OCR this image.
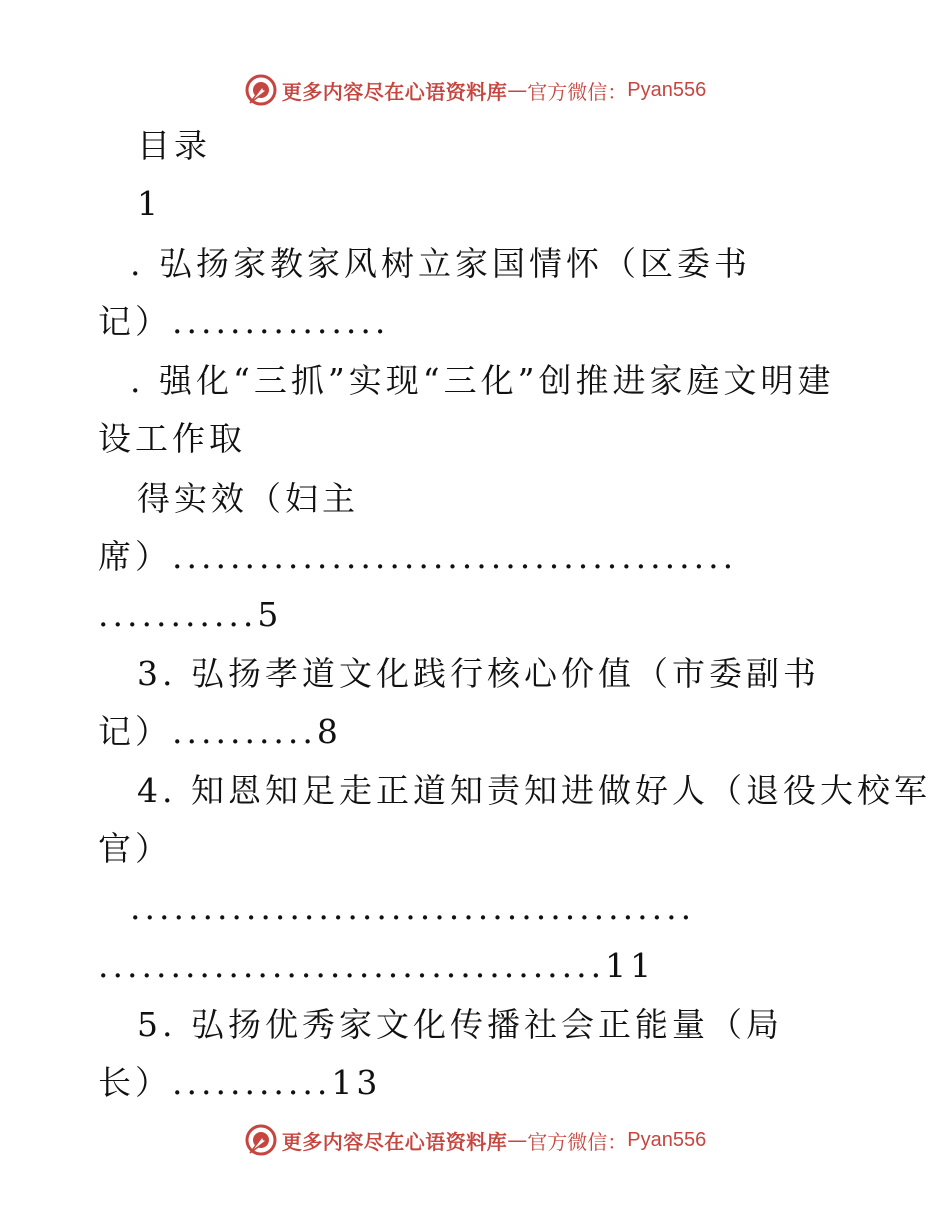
更多内容尽在心语资料库 — 官方微信： Pyan556
目录
1
. 弘扬家教家风树立家国情怀（区委书
记）...............
. 强化“三抓”实现“三化”创推进家庭文明建
设工作取
得实效（妇主
席）.......................................
...........5
3. 弘扬孝道文化践行核心价值（市委副书
记）..........8
4. 知恩知足走正道知责知进做好人（退役大校军
官）
.......................................
...................................11
5. 弘扬优秀家文化传播社会正能量（局
长）...........13
更多内容尽在心语资料库 — 官方微信： Pyan556
